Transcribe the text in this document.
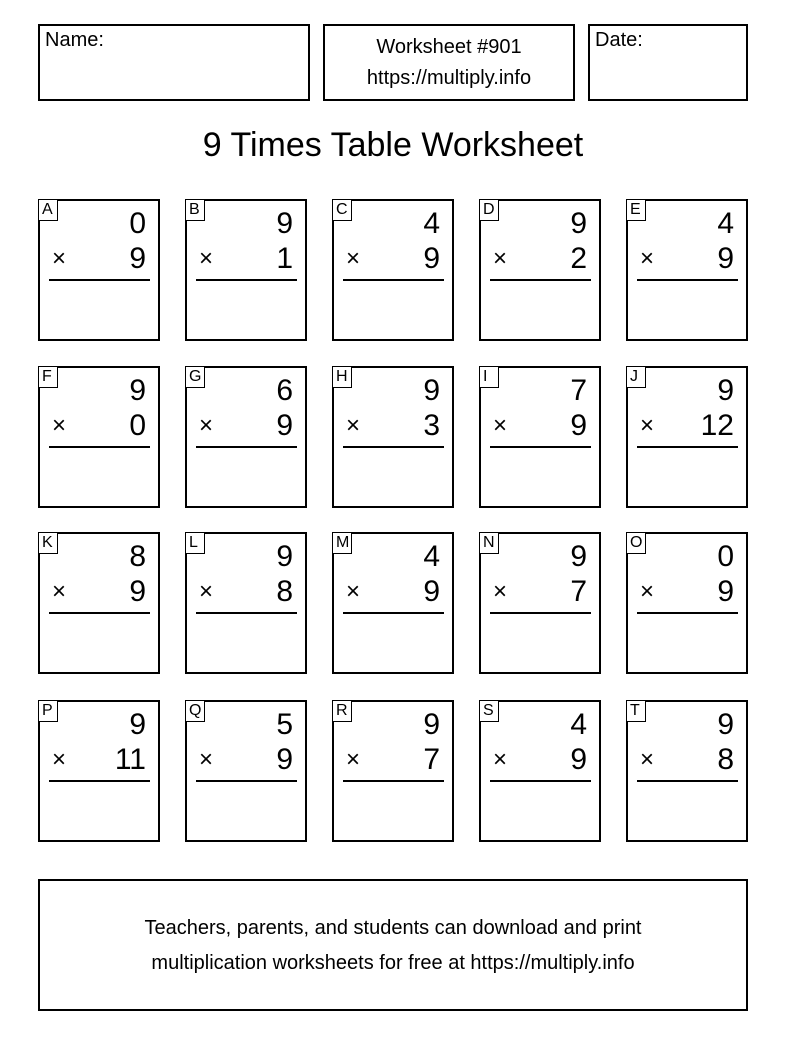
Name:	Worksheet #901
https://multiply.info
Date:
9 Times Table Worksheet
A	0
× 9
B	9
× 1
C	4
× 9
D	9
× 2
E	4
× 9
F	9
× 0
G 6
× 9
H	9
× 3
I	7
× 9
J	9
× 12
K	8
× 9
L	9
× 8
M 4
× 9
N	9
× 7
O 0
× 9
P	9
× 11
Q 5
× 9
R	9
× 7
S	4
× 9
T	9
× 8
Teachers, parents, and students can download and print
multiplication worksheets for free at https://multiply.info
